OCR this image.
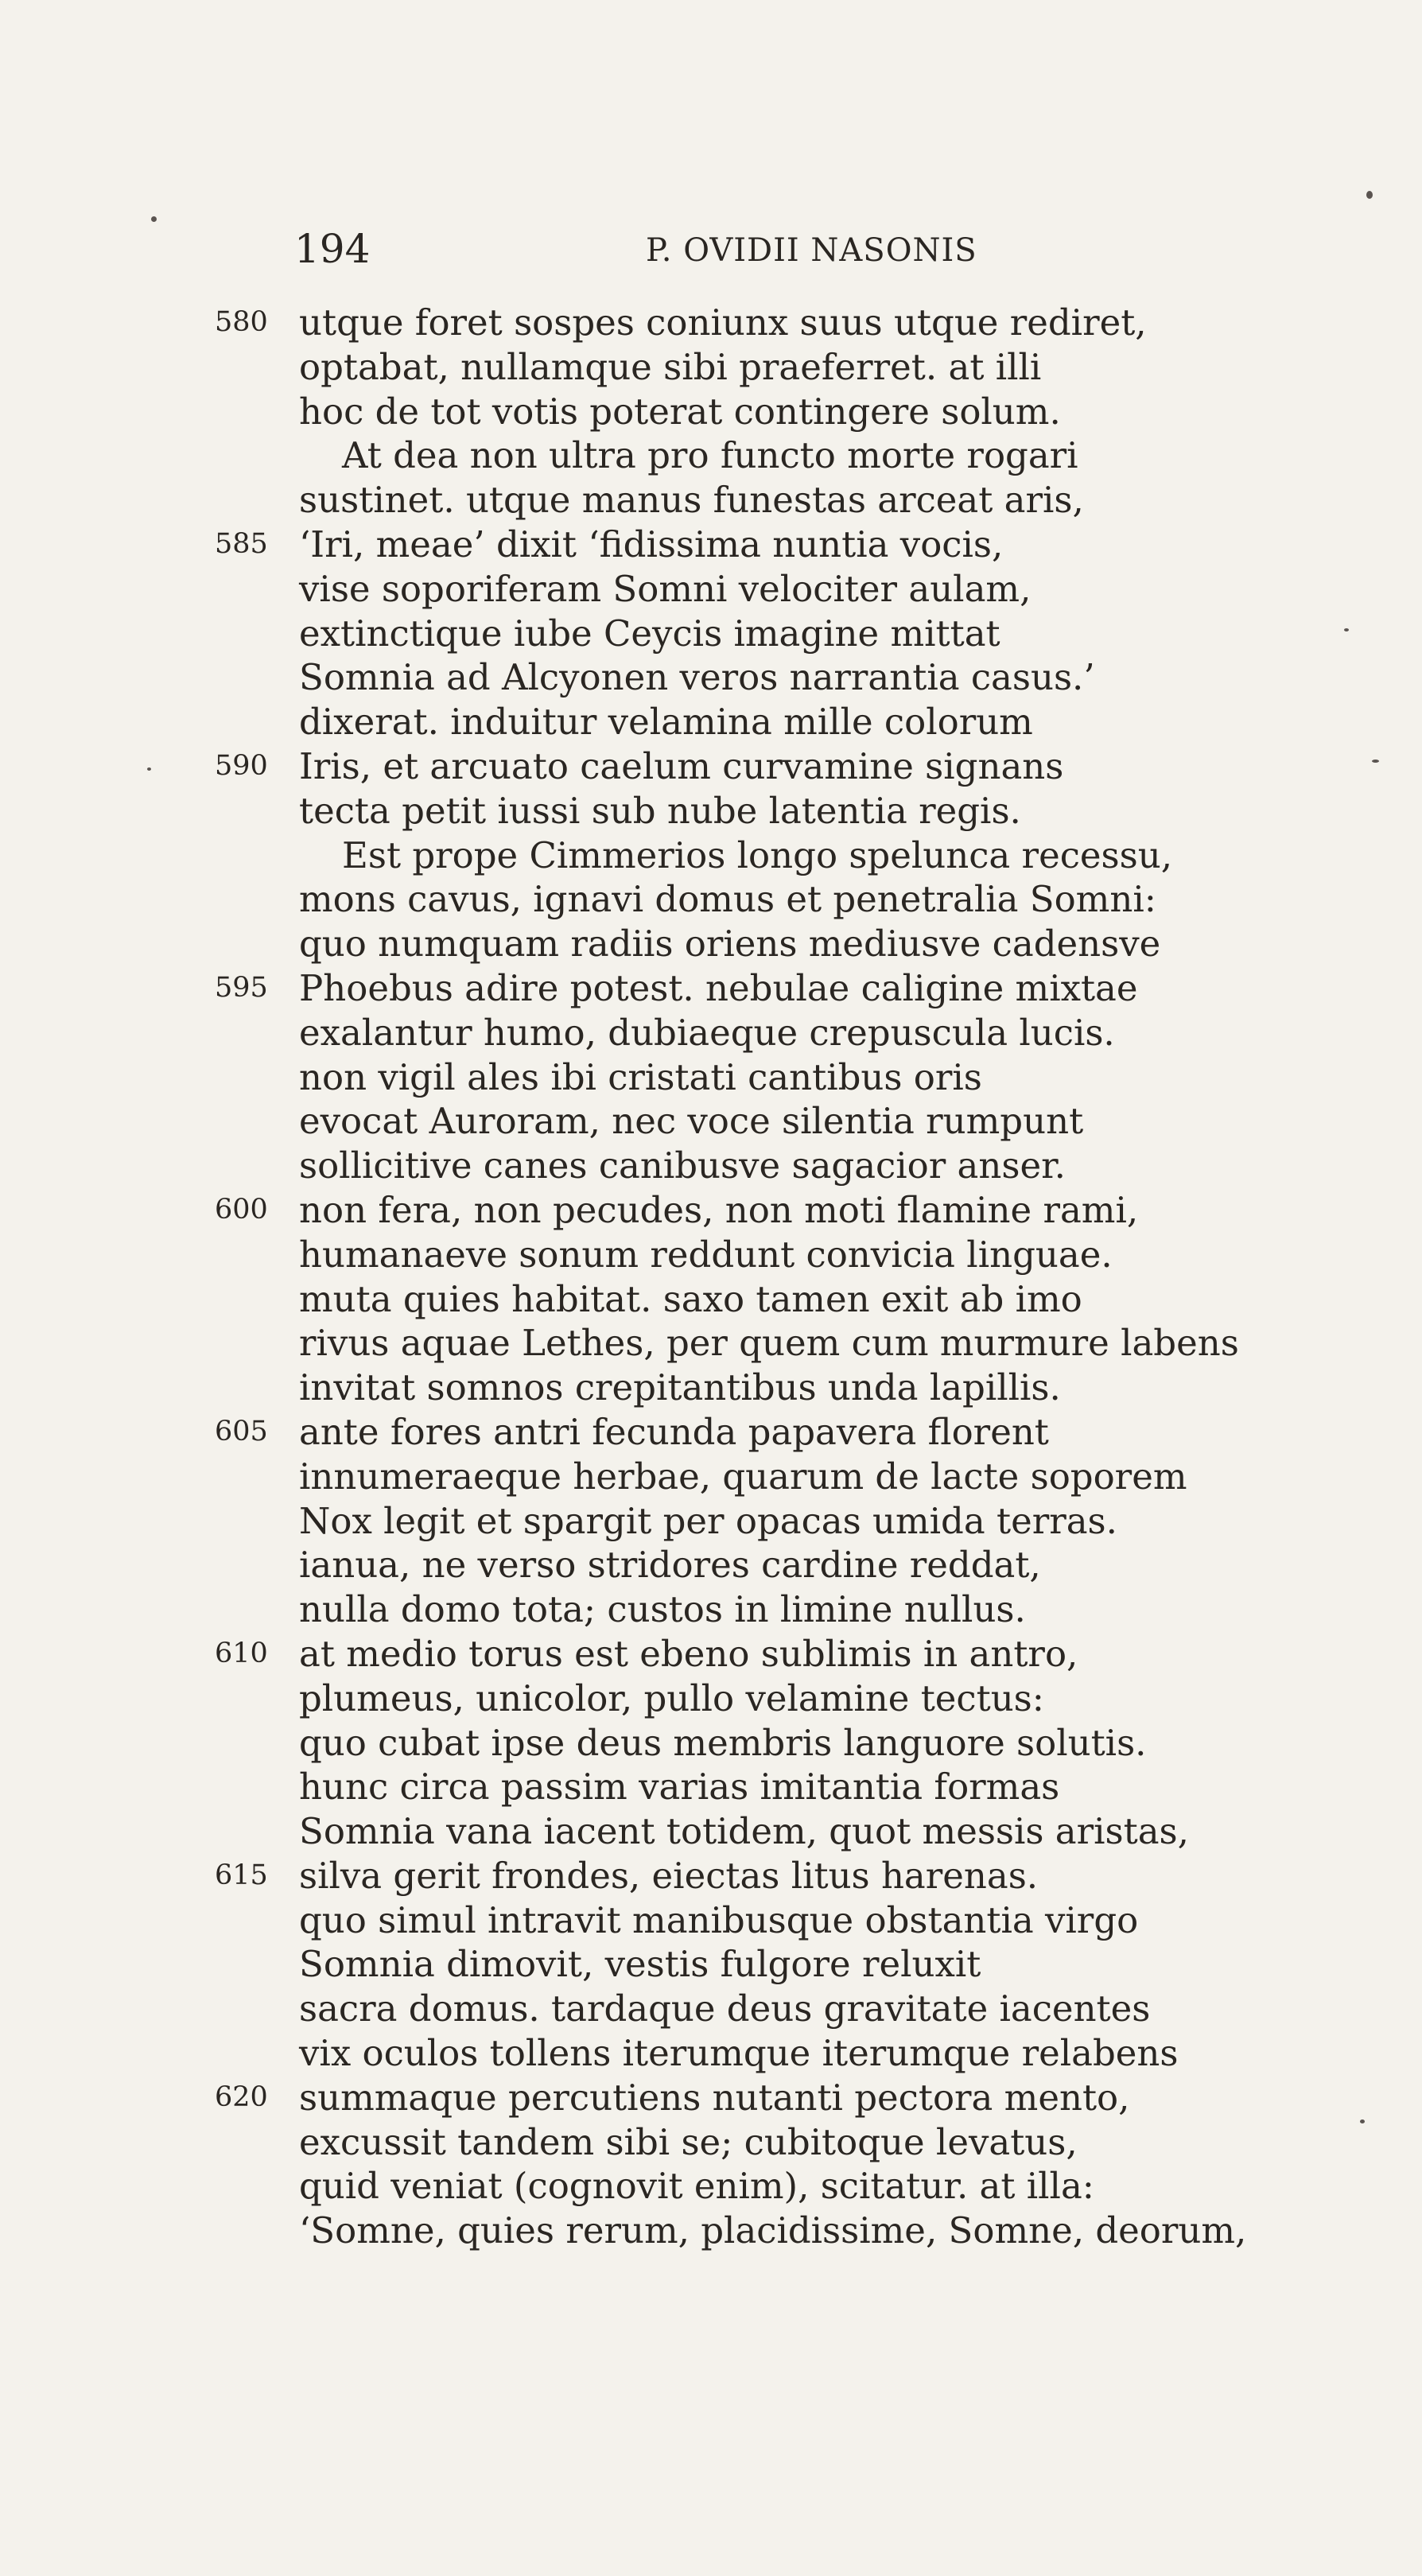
194	P. OVIDII NASONIS
580 utque foret sospes coniunx suus utque rediret,
optabat, nullamque sibi praeferret. at illi
hoc de tot votis poterat contingere solum.
At dea non ultra pro functo morte rogari
sustinet. utque manus funestas arceat aris,
585 ‘Iri, meae’ dixit ‘fidissima nuntia vocis,
vise soporiferam Somni velociter aulam,
extinctique iube Ceycis imagine mittat
Somnia ad Alcyonen veros narrantia casus.’
dixerat. induitur velamina mille colorum
590 Iris, et arcuato caelum curvamine signans
tecta petit iussi sub nube latentia regis.
Est prope Cimmerios longo spelunca recessu,
mons cavus, ignavi domus et penetralia Somni:
quo numquam radiis oriens mediusve cadensve
595 Phoebus adire potest. nebulae caligine mixtae
exalantur humo, dubiaeque crepuscula lucis.
non vigil ales ibi cristati cantibus oris
evocat Auroram, nec voce silentia rumpunt
sollicitive canes canibusve sagacior anser.
600 non fera, non pecudes, non moti flamine rami,
humanaeve sonum reddunt convicia linguae.
muta quies habitat. saxo tamen exit ab imo
rivus aquae Lethes, per quem cum murmure labens
invitat somnos crepitantibus unda lapillis.
605 ante fores antri fecunda papavera florent
innumeraeque herbae, quarum de lacte soporem
Nox legit et spargit per opacas umida terras.
ianua, ne verso stridores cardine reddat,
nulla domo tota; custos in limine nullus.
610 at medio torus est ebeno sublimis in antro,
plumeus, unicolor, pullo velamine tectus:
quo cubat ipse deus membris languore solutis.
hunc circa passim varias imitantia formas
Somnia vana iacent totidem, quot messis aristas,
615 silva gerit frondes, eiectas litus harenas.
quo simul intravit manibusque obstantia virgo
Somnia dimovit, vestis fulgore reluxit
sacra domus. tardaque deus gravitate iacentes
vix oculos tollens iterumque iterumque relabens
620 summaque percutiens nutanti pectora mento,
excussit tandem sibi se; cubitoque levatus,
quid veniat (cognovit enim), scitatur. at illa:
‘Somne, quies rerum, placidissime, Somne, deorum,
